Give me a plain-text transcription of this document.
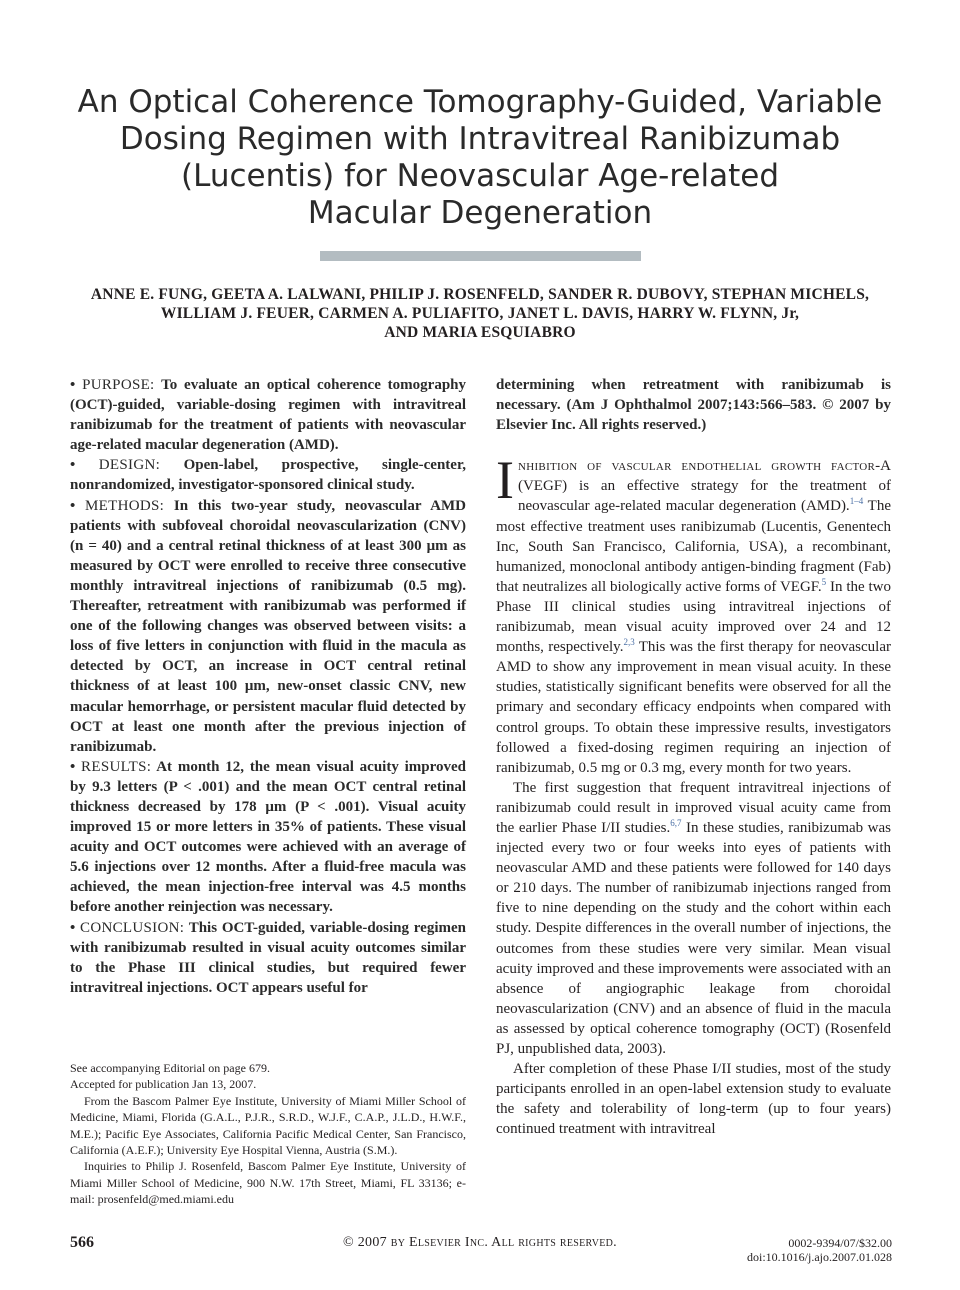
An Optical Coherence Tomography-Guided, Variable
Dosing Regimen with Intravitreal Ranibizumab
(Lucentis) for Neovascular Age-related
Macular Degeneration
ANNE E. FUNG, GEETA A. LALWANI, PHILIP J. ROSENFELD, SANDER R. DUBOVY, STEPHAN MICHELS,
WILLIAM J. FEUER, CARMEN A. PULIAFITO, JANET L. DAVIS, HARRY W. FLYNN, Jr,
AND MARIA ESQUIABRO

• PURPOSE: To evaluate an optical coherence tomography (OCT)-guided, variable-dosing regimen with intravitreal ranibizumab for the treatment of patients with neovascular age-related macular degeneration (AMD).

• DESIGN: Open-label, prospective, single-center, nonrandomized, investigator-sponsored clinical study.

• METHODS: In this two-year study, neovascular AMD patients with subfoveal choroidal neovascularization (CNV) (n = 40) and a central retinal thickness of at least 300 μm as measured by OCT were enrolled to receive three consecutive monthly intravitreal injections of ranibizumab (0.5 mg). Thereafter, retreatment with ranibizumab was performed if one of the following changes was observed between visits: a loss of five letters in conjunction with fluid in the macula as detected by OCT, an increase in OCT central retinal thickness of at least 100 μm, new-onset classic CNV, new macular hemorrhage, or persistent macular fluid detected by OCT at least one month after the previous injection of ranibizumab.

• RESULTS: At month 12, the mean visual acuity improved by 9.3 letters (P < .001) and the mean OCT central retinal thickness decreased by 178 μm (P < .001). Visual acuity improved 15 or more letters in 35% of patients. These visual acuity and OCT outcomes were achieved with an average of 5.6 injections over 12 months. After a fluid-free macula was achieved, the mean injection-free interval was 4.5 months before another reinjection was necessary.

• CONCLUSION: This OCT-guided, variable-dosing regimen with ranibizumab resulted in visual acuity outcomes similar to the Phase III clinical studies, but required fewer intravitreal injections. OCT appears useful for

See accompanying Editorial on page 679.

Accepted for publication Jan 13, 2007.

From the Bascom Palmer Eye Institute, University of Miami Miller School of Medicine, Miami, Florida (G.A.L., P.J.R., S.R.D., W.J.F., C.A.P., J.L.D., H.W.F., M.E.); Pacific Eye Associates, California Pacific Medical Center, San Francisco, California (A.E.F.); University Eye Hospital Vienna, Austria (S.M.).

Inquiries to Philip J. Rosenfeld, Bascom Palmer Eye Institute, University of Miami Miller School of Medicine, 900 N.W. 17th Street, Miami, FL 33136; e-mail: prosenfeld@med.miami.edu

determining when retreatment with ranibizumab is necessary. (Am J Ophthalmol 2007;143:566–583. © 2007 by Elsevier Inc. All rights reserved.)

Inhibition of vascular endothelial growth factor-A (VEGF) is an effective strategy for the treatment of neovascular age-related macular degeneration (AMD).$^{1-4}$ The most effective treatment uses ranibizumab (Lucentis, Genentech Inc, South San Francisco, California, USA), a recombinant, humanized, monoclonal antibody antigen-binding fragment (Fab) that neutralizes all biologically active forms of VEGF.$^5$ In the two Phase III clinical studies using intravitreal injections of ranibizumab, mean visual acuity improved over 24 and 12 months, respectively.$^{2,3}$ This was the first therapy for neovascular AMD to show any improvement in mean visual acuity. In these studies, statistically significant benefits were observed for all the primary and secondary efficacy endpoints when compared with control groups. To obtain these impressive results, investigators followed a fixed-dosing regimen requiring an injection of ranibizumab, 0.5 mg or 0.3 mg, every month for two years.

The first suggestion that frequent intravitreal injections of ranibizumab could result in improved visual acuity came from the earlier Phase I/II studies.$^{6,7}$ In these studies, ranibizumab was injected every two or four weeks into eyes of patients with neovascular AMD and these patients were followed for 140 days or 210 days. The number of ranibizumab injections ranged from five to nine depending on the study and the cohort within each study. Despite differences in the overall number of injections, the outcomes from these studies were very similar. Mean visual acuity improved and these improvements were associated with an absence of angiographic leakage from choroidal neovascularization (CNV) and an absence of fluid in the macula as assessed by optical coherence tomography (OCT) (Rosenfeld PJ, unpublished data, 2003).

After completion of these Phase I/II studies, most of the study participants enrolled in an open-label extension study to evaluate the safety and tolerability of long-term (up to four years) continued treatment with intravitreal

566	© 2007 by Elsevier Inc. All rights reserved.	0002-9394/07/$32.00
doi:10.1016/j.ajo.2007.01.028
